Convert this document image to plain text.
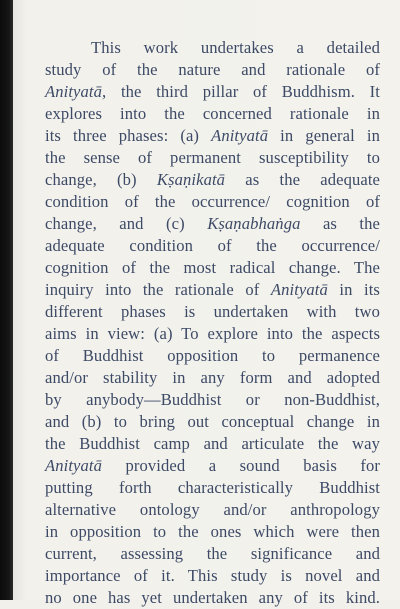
This work undertakes a detailed
study of the nature and rationale of
Anityatā, the third pillar of Buddhism. It
explores into the concerned rationale in
its three phases: (a) Anityatā in general in
the sense of permanent susceptibility to
change, (b) Kṣaṇikatā as the adequate
condition of the occurrence/ cognition of
change, and (c) Kṣaṇabhaṅga as the
adequate condition of the occurrence/
cognition of the most radical change. The
inquiry into the rationale of Anityatā in its
different phases is undertaken with two
aims in view: (a) To explore into the aspects
of Buddhist opposition to permanence
and/or stability in any form and adopted
by anybody—Buddhist or non-Buddhist,
and (b) to bring out conceptual change in
the Buddhist camp and articulate the way
Anityatā provided a sound basis for
putting forth characteristically Buddhist
alternative ontology and/or anthropology
in opposition to the ones which were then
current, assessing the significance and
importance of it. This study is novel and
no one has yet undertaken any of its kind.
